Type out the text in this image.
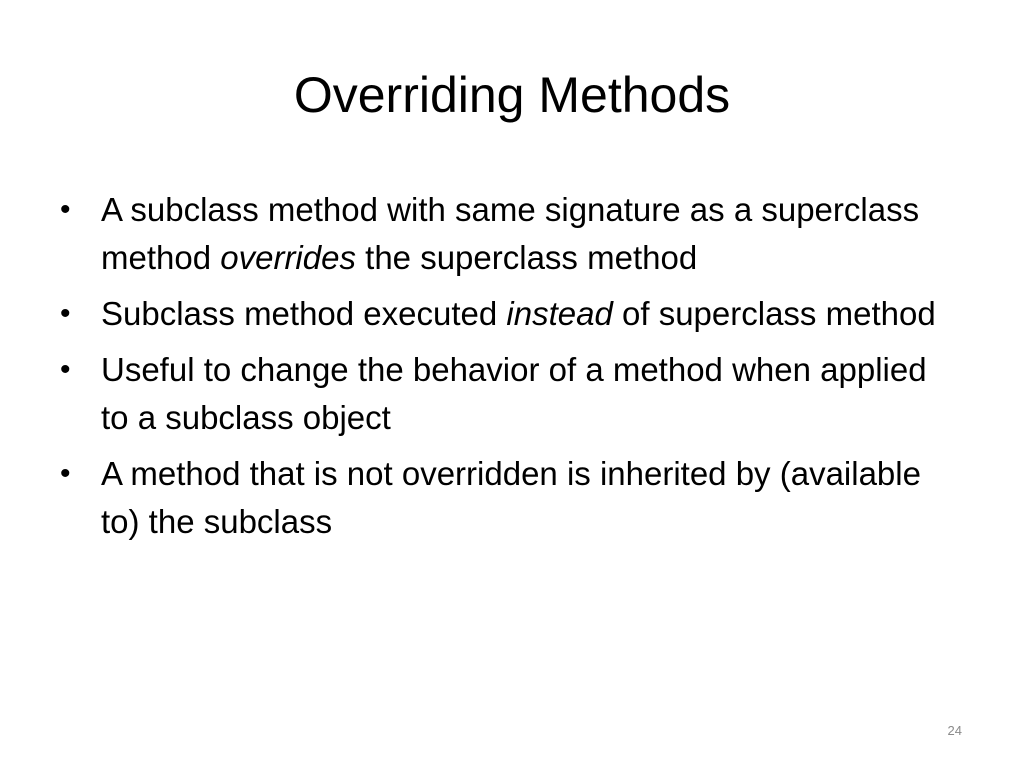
Overriding Methods
• A subclass method with same signature as a superclass method overrides the superclass method
• Subclass method executed instead of superclass method
• Useful to change the behavior of a method when applied to a subclass object
• A method that is not overridden is inherited by (available to) the subclass
24
